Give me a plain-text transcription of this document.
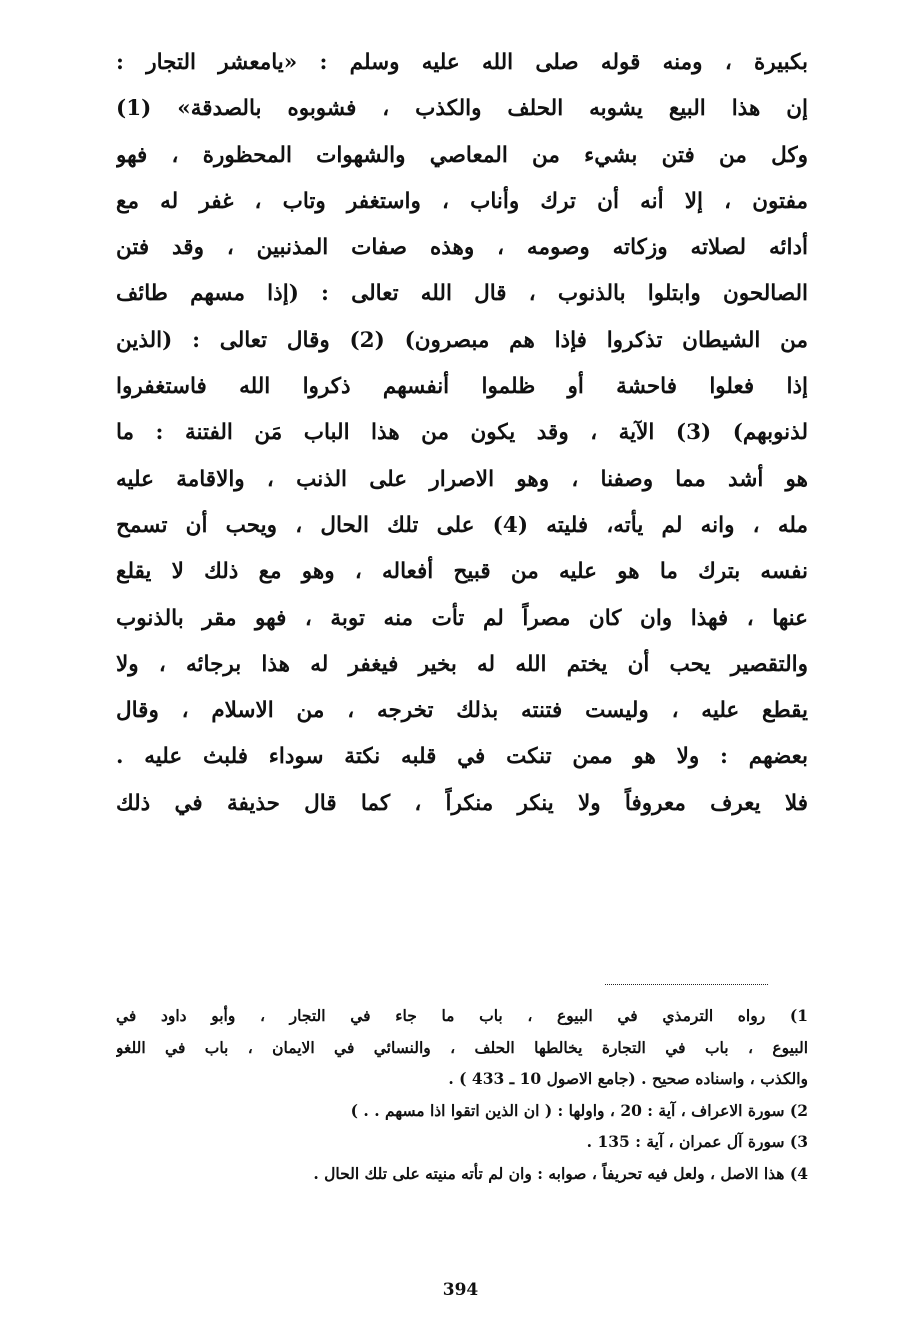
بكبيرة ، ومنه قوله صلى الله عليه وسلم : «يامعشر التجار :
إن هذا البيع يشوبه الحلف والكذب ، فشوبوه بالصدقة» (1)
وكل من فتن بشيء من المعاصي والشهوات المحظورة ، فهو
مفتون ، إلا أنه أن ترك وأناب ، واستغفر وتاب ، غفر له مع
أدائه لصلاته وزكاته وصومه ، وهذه صفات المذنبين ، وقد فتن
الصالحون وابتلوا بالذنوب ، قال الله تعالى : (إذا مسهم طائف
من الشيطان تذكروا فإذا هم مبصرون) (2) وقال تعالى : (الذين
إذا فعلوا فاحشة أو ظلموا أنفسهم ذكروا الله فاستغفروا
لذنوبهم) (3) الآية ، وقد يكون من هذا الباب مَن الفتنة : ما
هو أشد مما وصفنا ، وهو الاصرار على الذنب ، والاقامة عليه
مله ، وانه لم يأته، فليته (4) على تلك الحال ، ويحب أن تسمح
نفسه بترك ما هو عليه من قبيح أفعاله ، وهو مع ذلك لا يقلع
عنها ، فهذا وان كان مصراً لم تأت منه توبة ، فهو مقر بالذنوب
والتقصير يحب أن يختم الله له بخير فيغفر له هذا برجائه ، ولا
يقطع عليه ، وليست فتنته بذلك تخرجه ، من الاسلام ، وقال
بعضهم : ولا هو ممن تنكت في قلبه نكتة سوداء فلبث عليه .
فلا يعرف معروفاً ولا ينكر منكراً ، كما قال حذيفة في ذلك
1) رواه الترمذي في البيوع ، باب ما جاء في التجار ، وأبو داود في
البيوع ، باب في التجارة يخالطها الحلف ، والنسائي في الايمان ، باب في اللغو
والكذب ، واسناده صحيح . (جامع الاصول 10 ـ 433 ) .
2) سورة الاعراف ، آية : 20 ، واولها : ( ان الذين اتقوا اذا مسهم . . )
3) سورة آل عمران ، آية : 135 .
4) هذا الاصل ، ولعل فيه تحريفاً ، صوابه : وان لم تأته منيته على تلك الحال .
394
